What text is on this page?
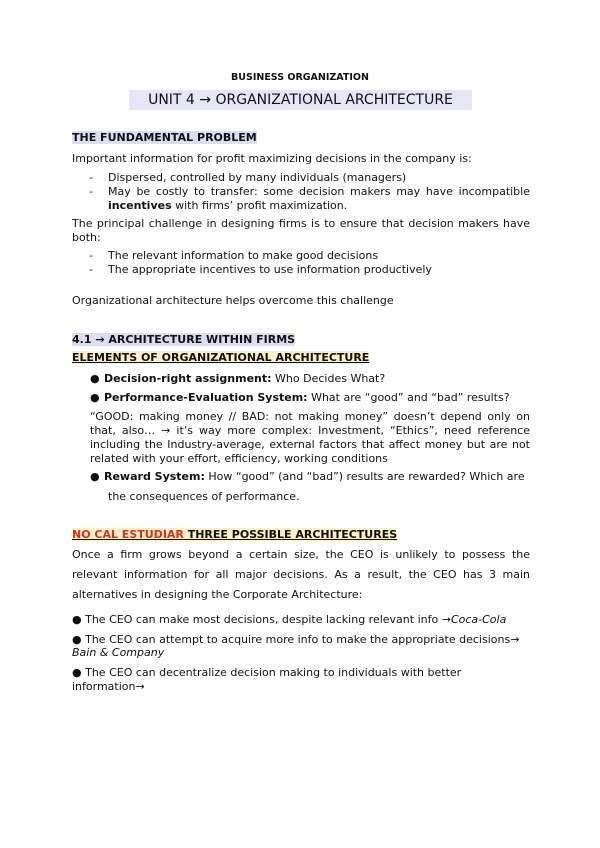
BUSINESS ORGANIZATION
UNIT 4 → ORGANIZATIONAL ARCHITECTURE
THE FUNDAMENTAL PROBLEM
Important information for profit maximizing decisions in the company is:
- Dispersed, controlled by many individuals (managers)
- May be costly to transfer: some decision makers may have incompatible
incentives with firms’ profit maximization.
The principal challenge in designing firms is to ensure that decision makers have
both:
- The relevant information to make good decisions
- The appropriate incentives to use information productively
Organizational architecture helps overcome this challenge
4.1 → ARCHITECTURE WITHIN FIRMS
ELEMENTS OF ORGANIZATIONAL ARCHITECTURE
● Decision-right assignment: Who Decides What?
● Performance-Evaluation System: What are “good” and “bad” results?
“GOOD: making money // BAD: not making money” doesn’t depend only on
that, also… → it’s way more complex: Investment, “Ethics”, need reference
including the Industry-average, external factors that affect money but are not
related with your effort, efficiency, working conditions
● Reward System: How “good” (and “bad”) results are rewarded? Which are
the consequences of performance.
NO CAL ESTUDIAR THREE POSSIBLE ARCHITECTURES
Once a firm grows beyond a certain size, the CEO is unlikely to possess the
relevant information for all major decisions. As a result, the CEO has 3 main
alternatives in designing the Corporate Architecture:
● The CEO can make most decisions, despite lacking relevant info →Coca-Cola
● The CEO can attempt to acquire more info to make the appropriate decisions→
Bain & Company
● The CEO can decentralize decision making to individuals with better
information→
